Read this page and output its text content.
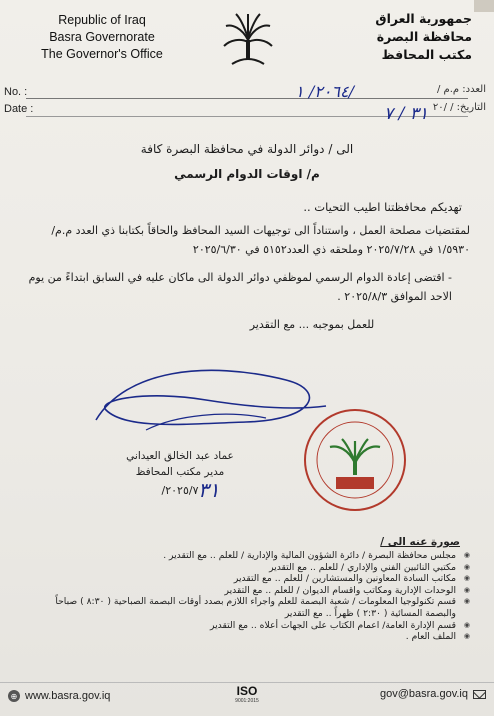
Republic of Iraq
Basra Governorate
The Governor's Office
جمهورية العراق
محافظة البصرة
مكتب المحافظ
No. :
Date :
العدد: م.م /
٢٠٦٤/ ١/
التاريخ: / /٢٠
٣١ / ٧
الى / دوائر الدولة في محافظة البصرة كافة
م/ اوقات الدوام الرسمي
تهديكم محافظتنا اطيب التحيات ..
لمقتضيات مصلحة العمل ، واستناداً الى توجيهات السيد المحافظ والحاقاً بكتابنا ذي العدد م.م/١/٥٩٣٠ في ٢٠٢٥/٧/٢٨ وملحقه ذي العدد٥١٥٢ في ٢٠٢٥/٦/٣٠
- اقتضى إعادة الدوام الرسمي لموظفي دوائر الدولة الى ماكان عليه في السابق ابتداءً من يوم الاحد الموافق ٢٠٢٥/٨/٣ .
للعمل بموجبه ... مع التقدير
عماد عبد الخالق العيداني
مدير مكتب المحافظ
٢٠٢٥/٧/ ٣١
صورة عنه الى /
◉ مجلس محافظة البصرة / دائرة الشؤون المالية والإدارية / للعلم .. مع التقدير .
◉ مكتبي النائبين الفني والإداري / للعلم .. مع التقدير
◉ مكاتب السادة المعاونين والمستشارين / للعلم .. مع التقدير
◉ الوحدات الإدارية ومكاتب واقسام الديوان / للعلم .. مع التقدير
◉ قسم تكنولوجيا المعلومات / شعبة البصمة للعلم واجراء اللازم بصدد أوقات البصمة الصباحية ( ٨:٣٠ ) صباحاً
والبصمة المسائية ( ٢:٣٠ ) ظهراً .. مع التقدير
◉ قسم الإدارة العامة/ اعمام الكتاب على الجهات أعلاه .. مع التقدير
◉ الملف العام .
⊕ www.basra.gov.iq	ISO
9001:2015
gov@basra.gov.iq
